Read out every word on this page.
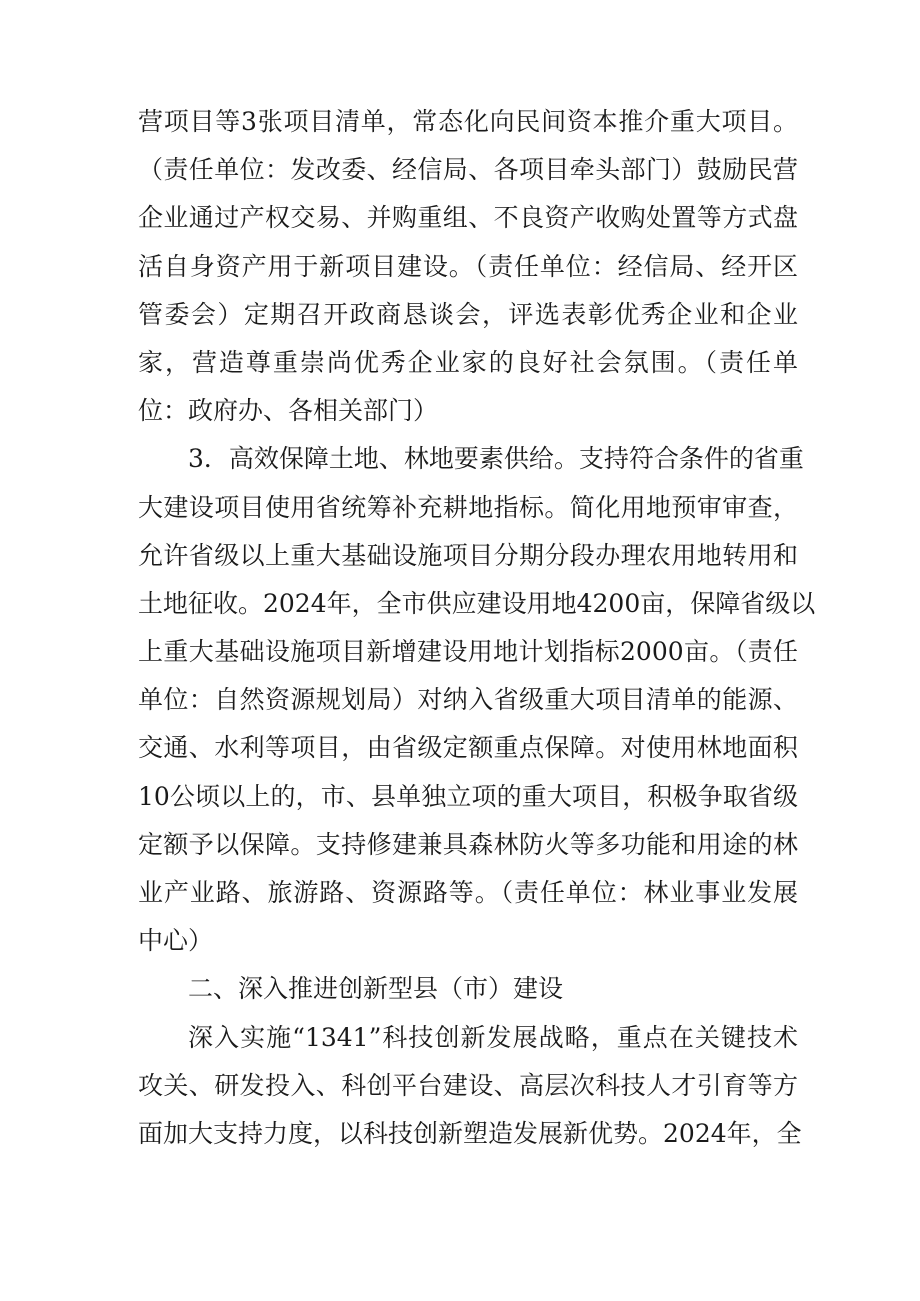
营项目等3张项目清单，常态化向民间资本推介重大项目。
（责任单位：发改委、经信局、各项目牵头部门）鼓励民营
企业通过产权交易、并购重组、不良资产收购处置等方式盘
活自身资产用于新项目建设。（责任单位：经信局、经开区
管委会）定期召开政商恳谈会，评选表彰优秀企业和企业
家，营造尊重崇尚优秀企业家的良好社会氛围。（责任单
位：政府办、各相关部门）
3．高效保障土地、林地要素供给。支持符合条件的省重
大建设项目使用省统筹补充耕地指标。简化用地预审审查，
允许省级以上重大基础设施项目分期分段办理农用地转用和
土地征收。2024年，全市供应建设用地4200亩，保障省级以
上重大基础设施项目新增建设用地计划指标2000亩。（责任
单位：自然资源规划局）对纳入省级重大项目清单的能源、
交通、水利等项目，由省级定额重点保障。对使用林地面积
10公顷以上的，市、县单独立项的重大项目，积极争取省级
定额予以保障。支持修建兼具森林防火等多功能和用途的林
业产业路、旅游路、资源路等。（责任单位：林业事业发展
中心）
二、深入推进创新型县（市）建设
深入实施“1341”科技创新发展战略，重点在关键技术
攻关、研发投入、科创平台建设、高层次科技人才引育等方
面加大支持力度，以科技创新塑造发展新优势。2024年，全
